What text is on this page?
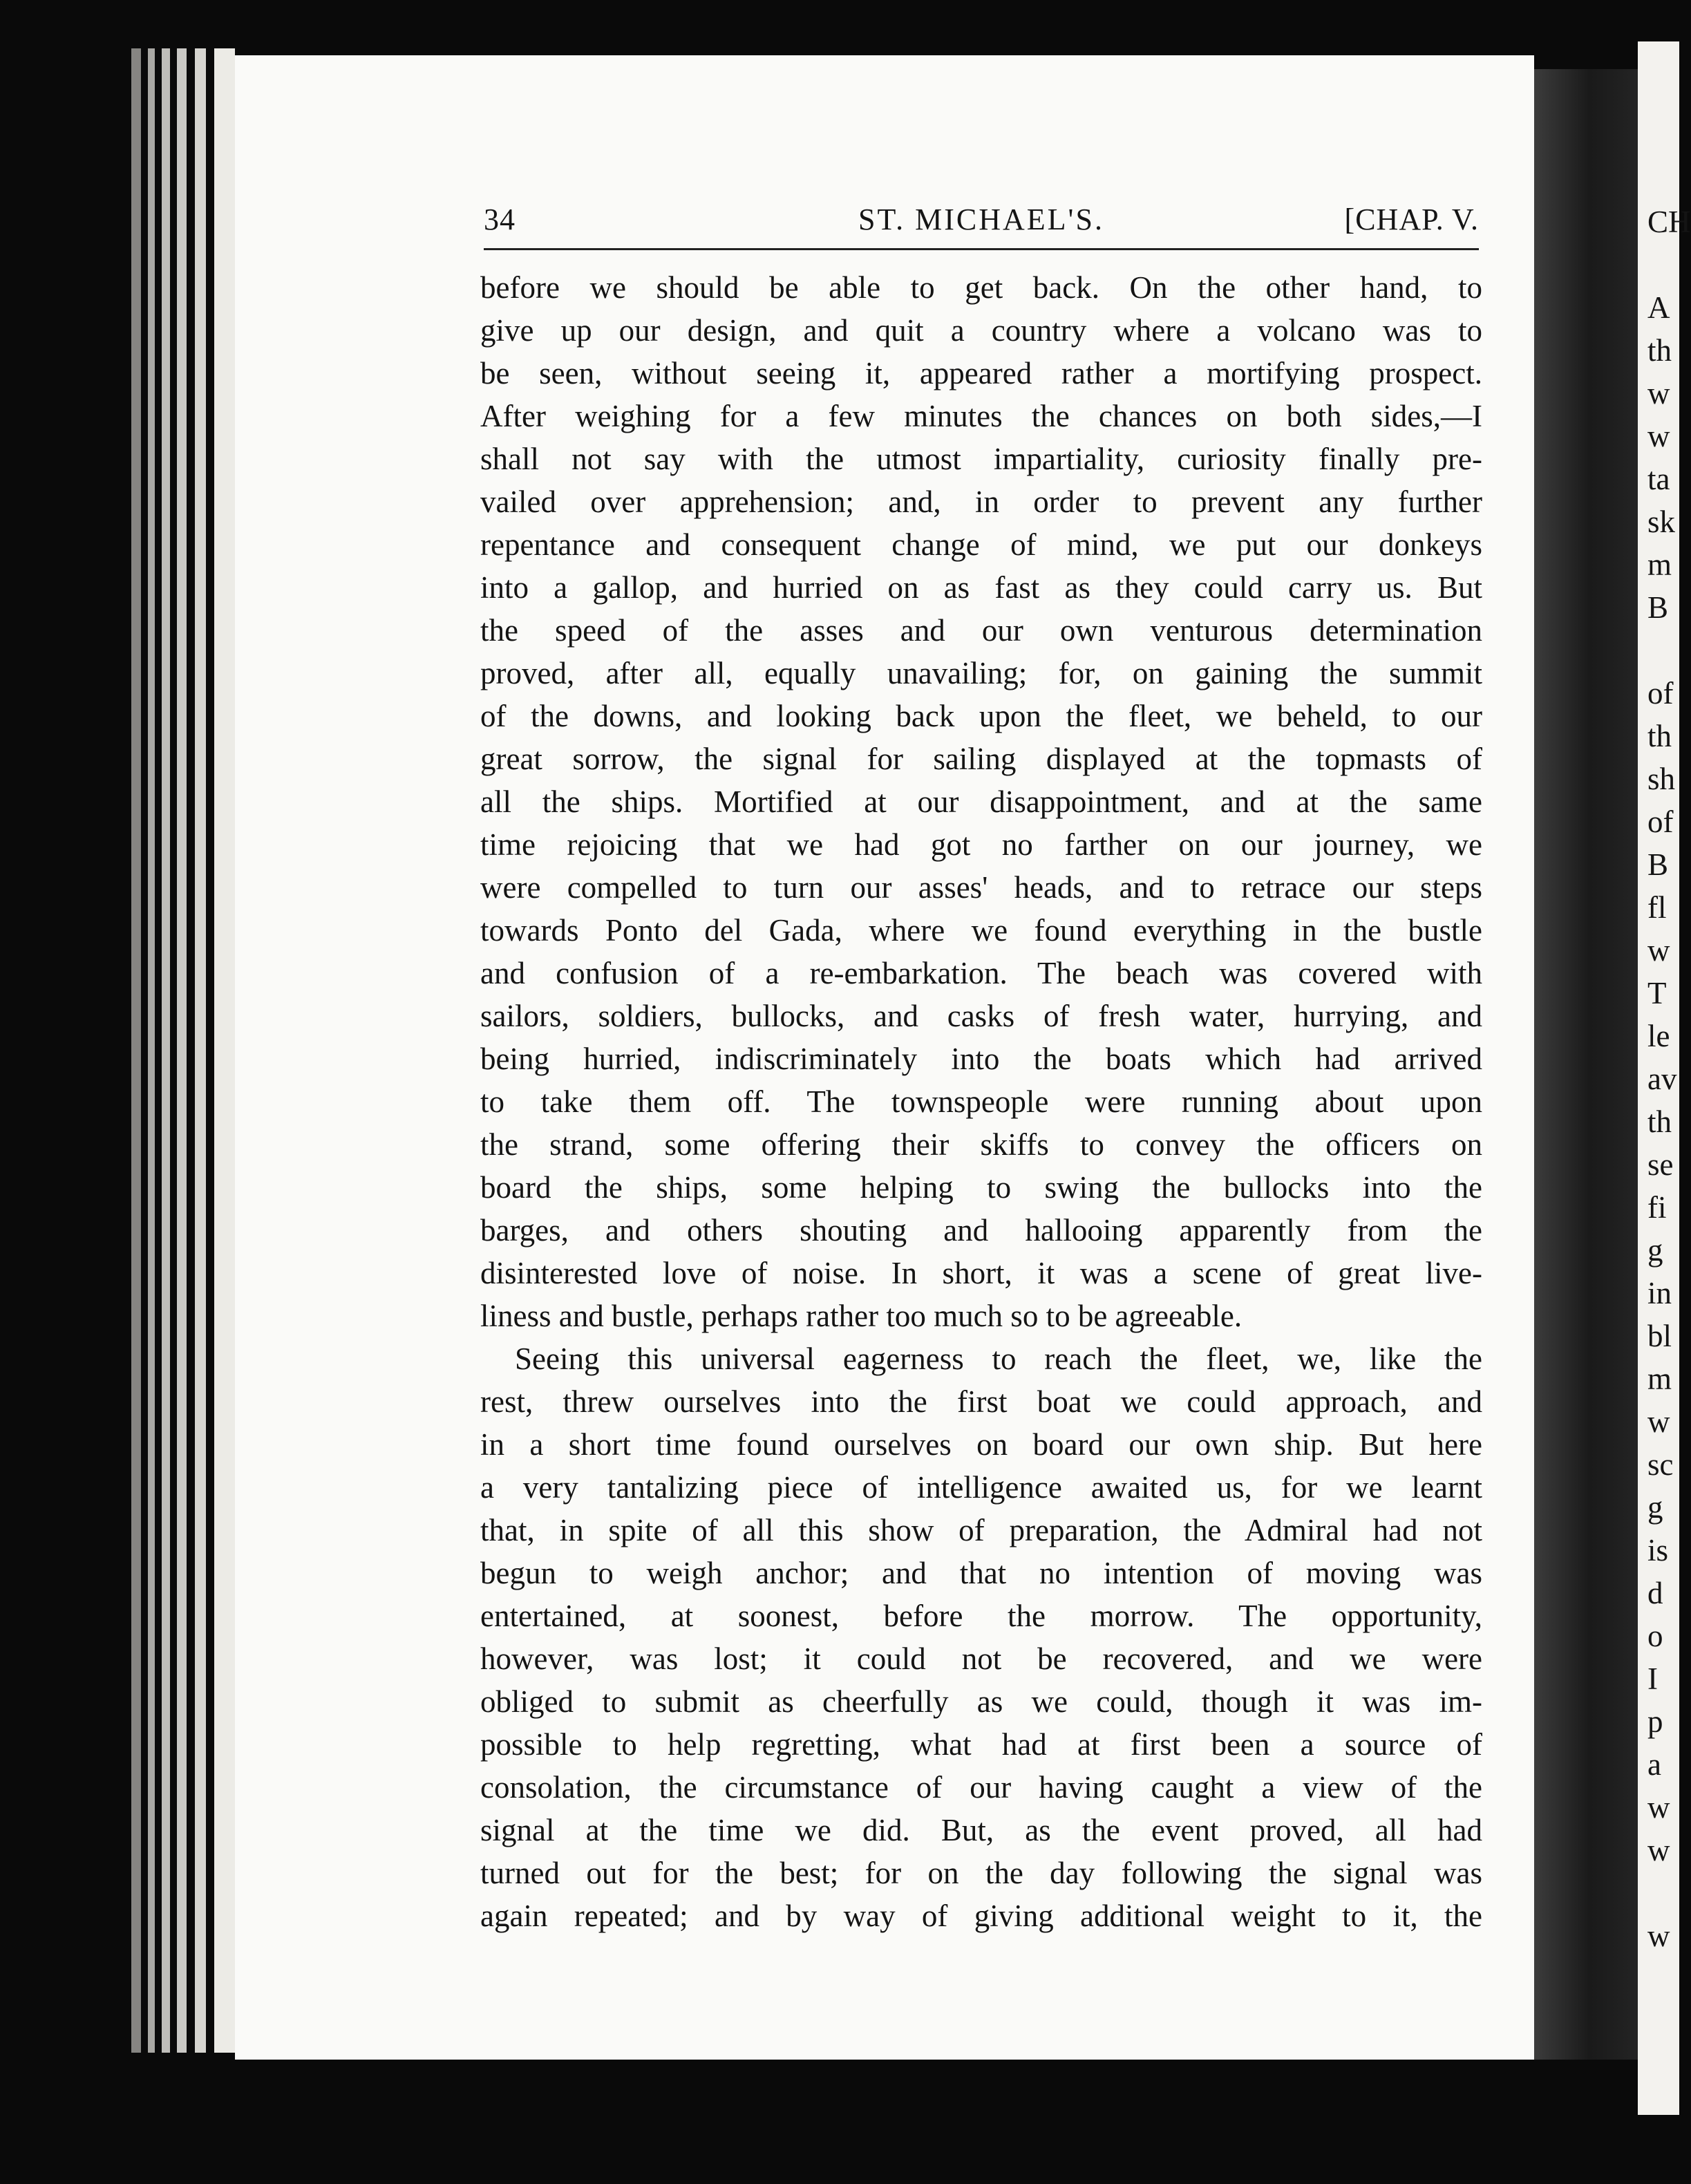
34	ST. MICHAEL'S.	[CHAP. V.
before we should be able to get back. On the other hand, to
give up our design, and quit a country where a volcano was to
be seen, without seeing it, appeared rather a mortifying prospect.
After weighing for a few minutes the chances on both sides,—I
shall not say with the utmost impartiality, curiosity finally pre-
vailed over apprehension; and, in order to prevent any further
repentance and consequent change of mind, we put our donkeys
into a gallop, and hurried on as fast as they could carry us. But
the speed of the asses and our own venturous determination
proved, after all, equally unavailing; for, on gaining the summit
of the downs, and looking back upon the fleet, we beheld, to our
great sorrow, the signal for sailing displayed at the topmasts of
all the ships. Mortified at our disappointment, and at the same
time rejoicing that we had got no farther on our journey, we
were compelled to turn our asses' heads, and to retrace our steps
towards Ponto del Gada, where we found everything in the bustle
and confusion of a re-embarkation. The beach was covered with
sailors, soldiers, bullocks, and casks of fresh water, hurrying, and
being hurried, indiscriminately into the boats which had arrived
to take them off. The townspeople were running about upon
the strand, some offering their skiffs to convey the officers on
board the ships, some helping to swing the bullocks into the
barges, and others shouting and hallooing apparently from the
disinterested love of noise. In short, it was a scene of great live-
liness and bustle, perhaps rather too much so to be agreeable.
Seeing this universal eagerness to reach the fleet, we, like the
rest, threw ourselves into the first boat we could approach, and
in a short time found ourselves on board our own ship. But here
a very tantalizing piece of intelligence awaited us, for we learnt
that, in spite of all this show of preparation, the Admiral had not
begun to weigh anchor; and that no intention of moving was
entertained, at soonest, before the morrow. The opportunity,
however, was lost; it could not be recovered, and we were
obliged to submit as cheerfully as we could, though it was im-
possible to help regretting, what had at first been a source of
consolation, the circumstance of our having caught a view of the
signal at the time we did. But, as the event proved, all had
turned out for the best; for on the day following the signal was
again repeated; and by way of giving additional weight to it, the
CH
A
th
w
w
ta
sk
m
B
of
th
sh
of
B
fl
w
T
le
av
th
se
fi
g
in
bl
m
w
sc
g
is
d
o
I
p
a
w
w
w
